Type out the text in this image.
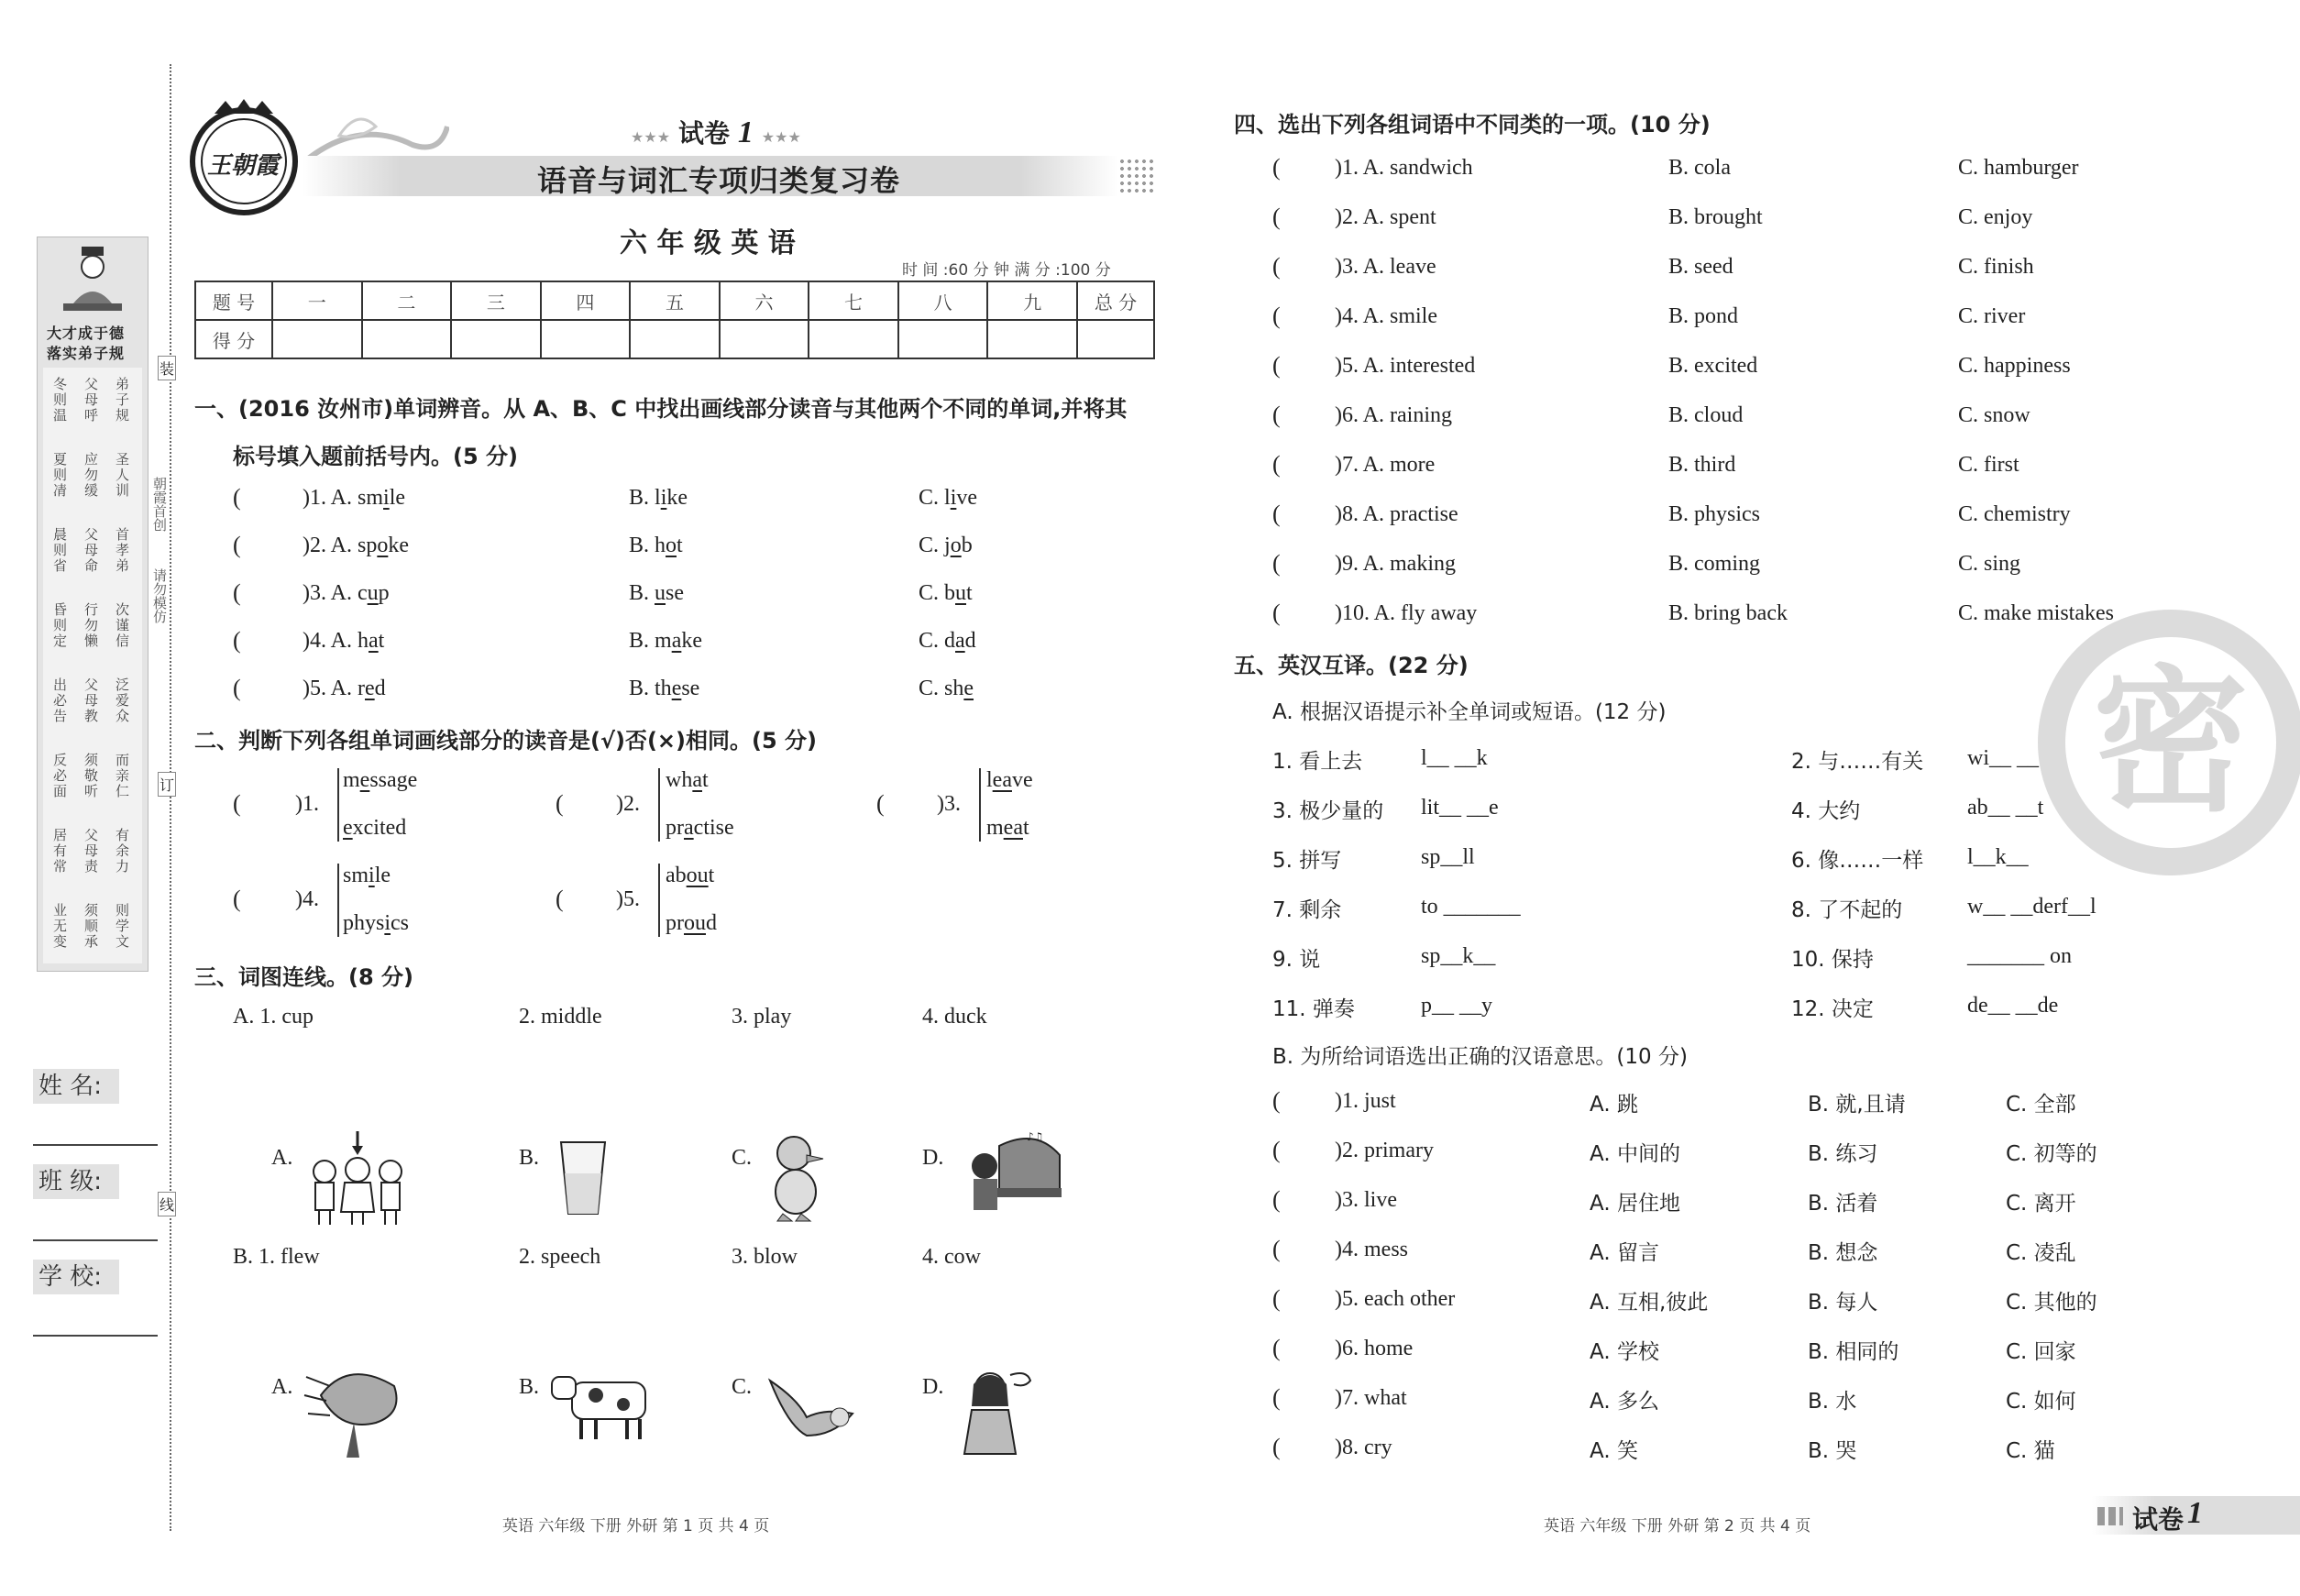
大才成于德
落实弟子规
冬则温 父母呼 弟子规
夏则凊 应勿缓 圣人训
晨则省 父母命 首孝弟
昏则定 行勿懒 次谨信
出必告 父母教 泛爱众
反必面 须敬听 而亲仁
居有常 父母责 有余力
业无变 须顺承 则学文
姓 名:
班 级:
学 校:
朝霞首创
请勿模仿
装
订
线
王朝霞
★★★ 试卷 1 ★★★
语音与词汇专项归类复习卷
六 年 级 英 语
时 间 :60 分 钟 满 分 :100 分
题 号	一	二	三	四	五	六	七	八	九	总 分
得 分										
一、(2016 汝州市)单词辨音。从 A、B、C 中找出画线部分读音与其他两个不同的单词,并将其
标号填入题前括号内。(5 分)
(	)1. A. smile	B. like	C. live
(	)2. A. spoke	B. hot	C. job
(	)3. A. cup	B. use	C. but
(	)4. A. hat	B. make	C. dad
(	)5. A. red	B. these	C. she
二、判断下列各组单词画线部分的读音是(√)否(×)相同。(5 分)
( )1.
message
excited
( )2.
what
practise
( )3.
leave
meat
( )4.
smile
physics
( )5.
about
proud
三、词图连线。(8 分)
A. 1. cup	2. middle	3. play	4. duck
A.	B.	C.	D.
♪♫
B. 1. flew	2. speech	3. blow	4. cow
A.	B.	C.	D.
英语 六年级 下册 外研 第 1 页 共 4 页
密
四、选出下列各组词语中不同类的一项。(10 分)
( )1. A. sandwich	B. cola	C. hamburger
( )2. A. spent	B. brought	C. enjoy
( )3. A. leave	B. seed	C. finish
( )4. A. smile	B. pond	C. river
( )5. A. interested	B. excited	C. happiness
( )6. A. raining	B. cloud	C. snow
( )7. A. more	B. third	C. first
( )8. A. practise	B. physics	C. chemistry
( )9. A. making	B. coming	C. sing
( )10. A. fly away	B. bring back	C. make mistakes
五、英汉互译。(22 分)
A. 根据汉语提示补全单词或短语。(12 分)
1. 看上去	l__ __k	2. 与……有关 wi__ __
3. 极少量的 lit__ __e	4. 大约	ab__ __t
5. 拼写	sp__ll	6. 像……一样 l__k__
7. 剩余	to _______	8. 了不起的	w__ __derf__l
9. 说	sp__k__	10. 保持	_______ on
11. 弹奏	p__ __y	12. 决定	de__ __de
B. 为所给词语选出正确的汉语意思。(10 分)
( )1. just	A. 跳	B. 就,且请	C. 全部
( )2. primary	A. 中间的	B. 练习	C. 初等的
( )3. live	A. 居住地	B. 活着	C. 离开
( )4. mess	A. 留言	B. 想念	C. 凌乱
( )5. each other	A. 互相,彼此	B. 每人	C. 其他的
( )6. home	A. 学校	B. 相同的	C. 回家
( )7. what	A. 多么	B. 水	C. 如何
( )8. cry	A. 笑	B. 哭	C. 猫
英语 六年级 下册 外研 第 2 页 共 4 页	试卷 1
